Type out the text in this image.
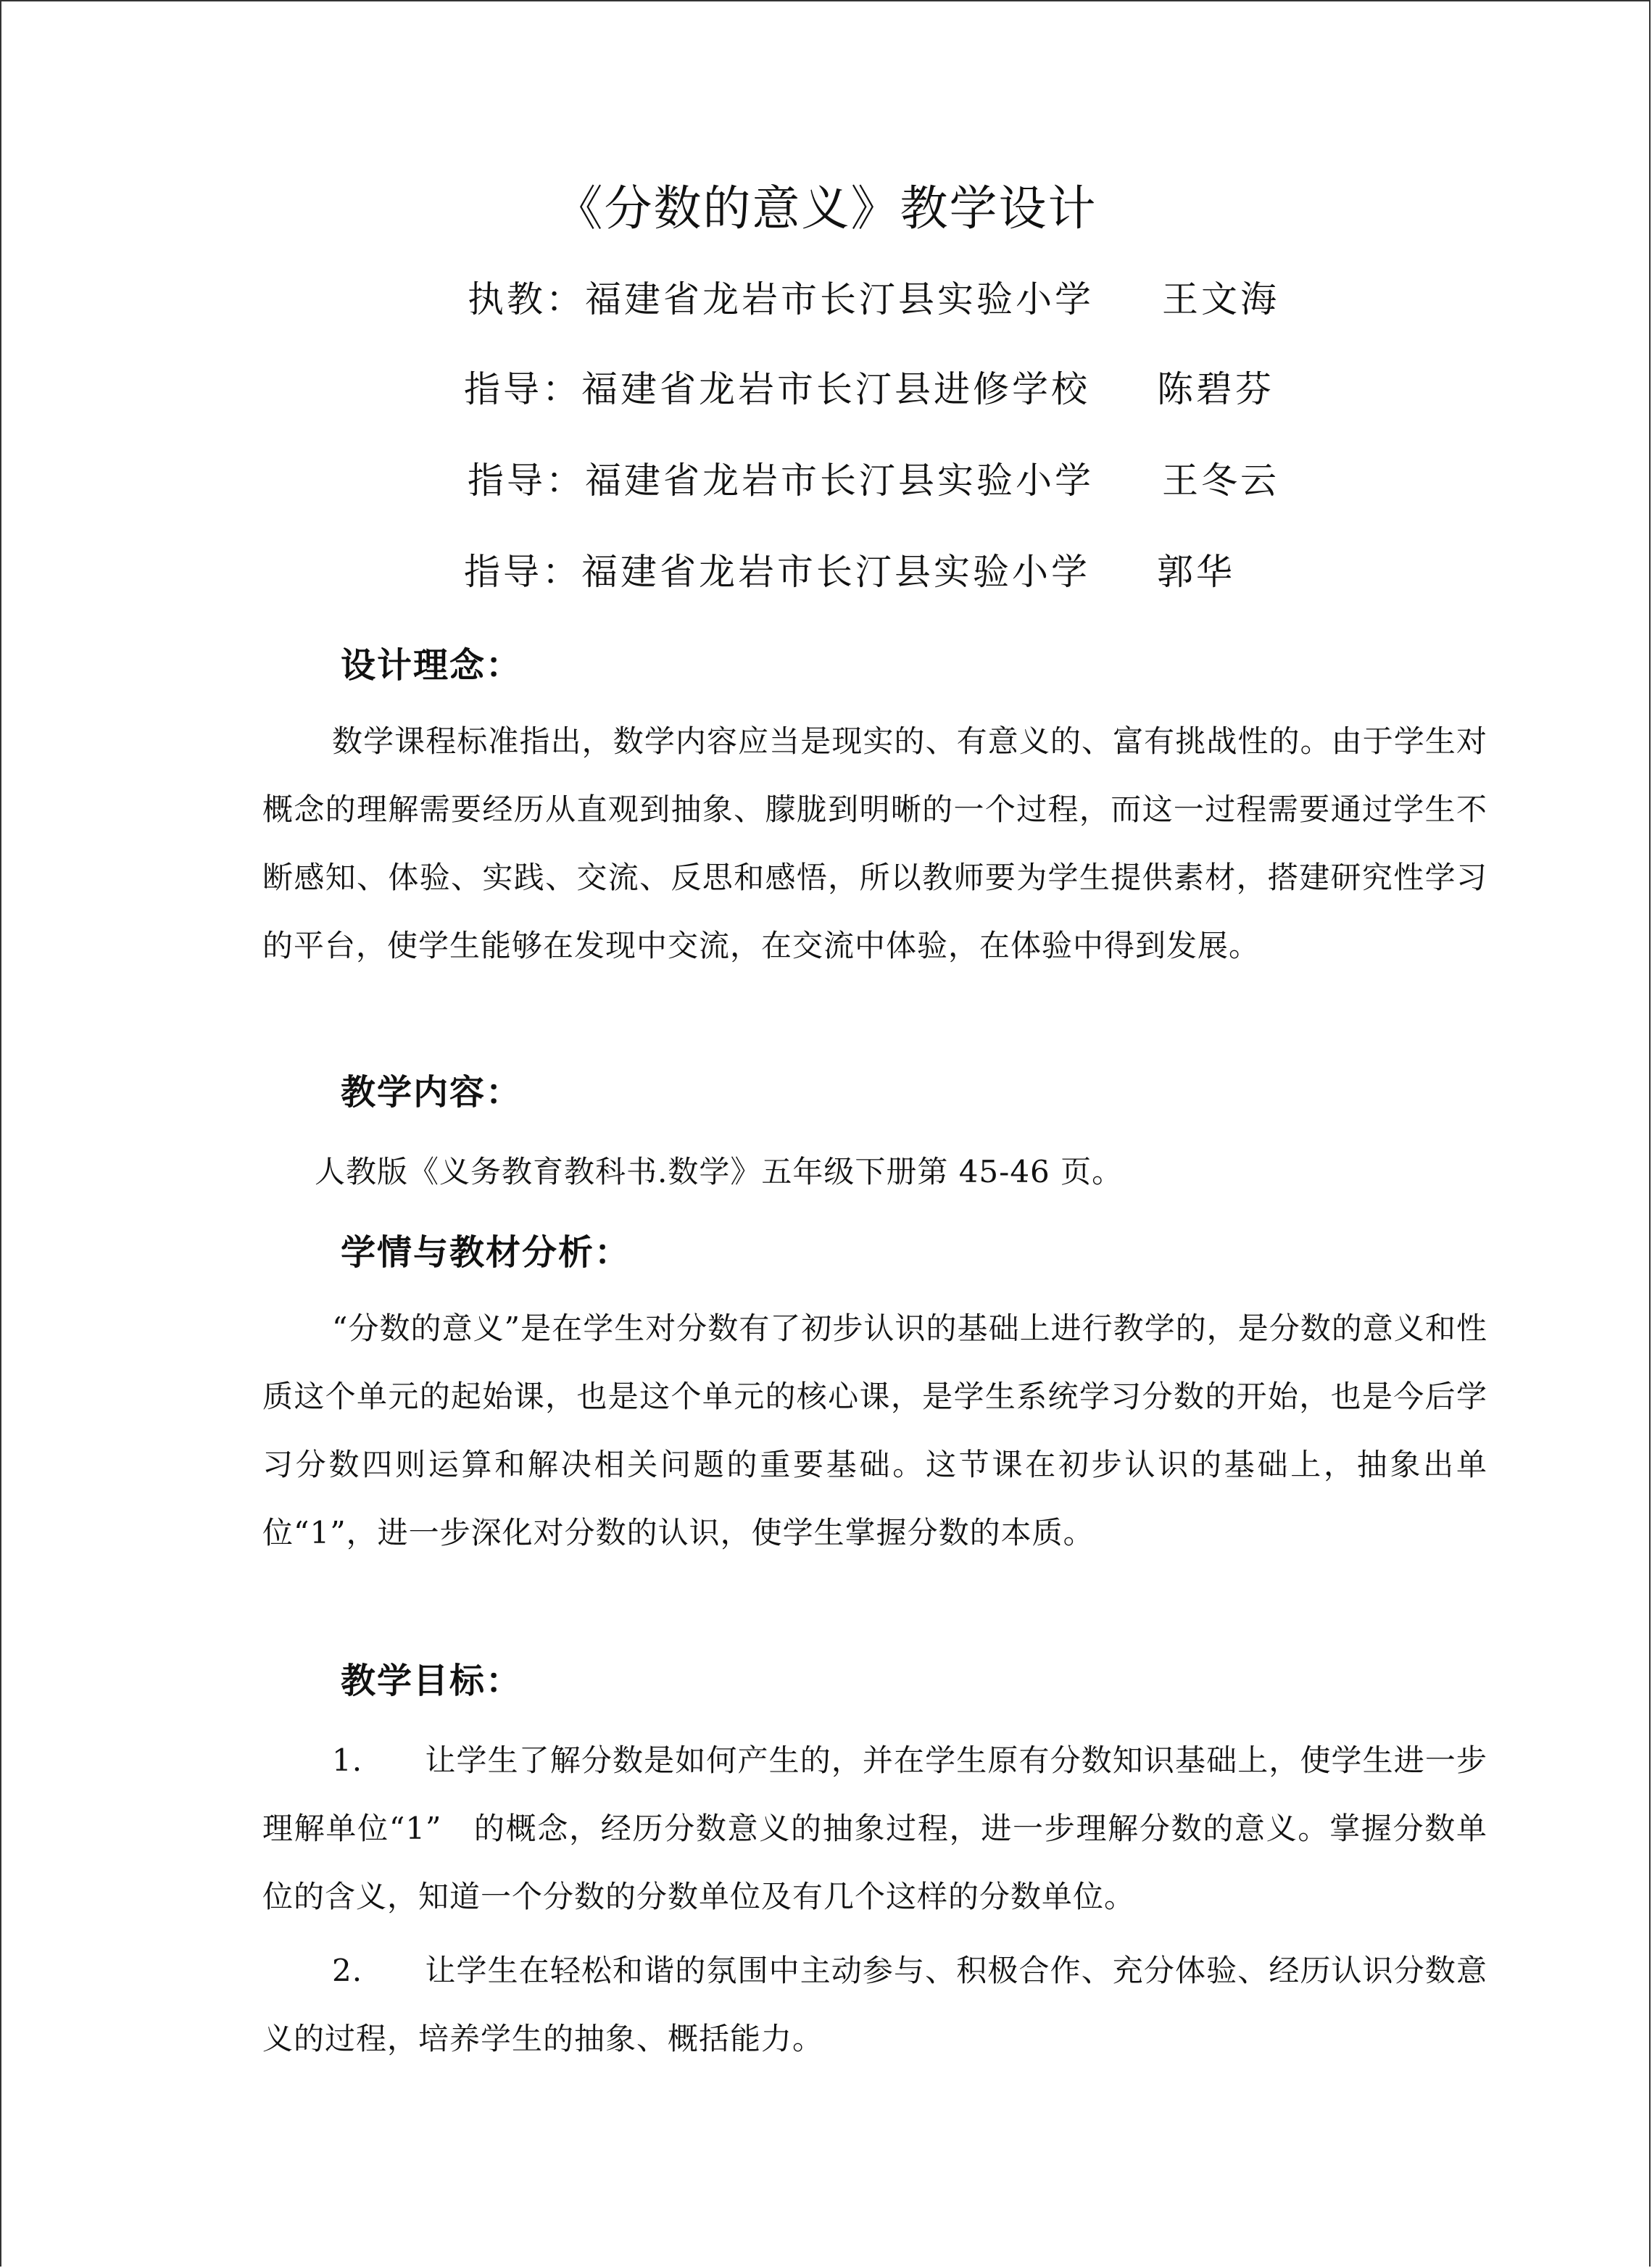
《分数的意义》教学设计
执教：福建省龙岩市长汀县实验小学 王文海
指导：福建省龙岩市长汀县进修学校 陈碧芬
指导：福建省龙岩市长汀县实验小学 王冬云
指导：福建省龙岩市长汀县实验小学 郭华
设计理念：

数学课程标准指出，数学内容应当是现实的、有意义的、富有挑战性的。由于学生对概念的理解需要经历从直观到抽象、朦胧到明晰的一个过程，而这一过程需要通过学生不断感知、体验、实践、交流、反思和感悟，所以教师要为学生提供素材，搭建研究性学习的平台，使学生能够在发现中交流，在交流中体验，在体验中得到发展。

教学内容：

人教版《义务教育教科书.数学》五年级下册第 45-46 页。

学情与教材分析：

“分数的意义”是在学生对分数有了初步认识的基础上进行教学的，是分数的意义和性质这个单元的起始课，也是这个单元的核心课，是学生系统学习分数的开始，也是今后学习分数四则运算和解决相关问题的重要基础。这节课在初步认识的基础上，抽象出单位“1”，进一步深化对分数的认识，使学生掌握分数的本质。

教学目标：

1.　　让学生了解分数是如何产生的，并在学生原有分数知识基础上，使学生进一步理解单位“1”　的概念，经历分数意义的抽象过程，进一步理解分数的意义。掌握分数单位的含义，知道一个分数的分数单位及有几个这样的分数单位。

2.　　让学生在轻松和谐的氛围中主动参与、积极合作、充分体验、经历认识分数意义的过程，培养学生的抽象、概括能力。
